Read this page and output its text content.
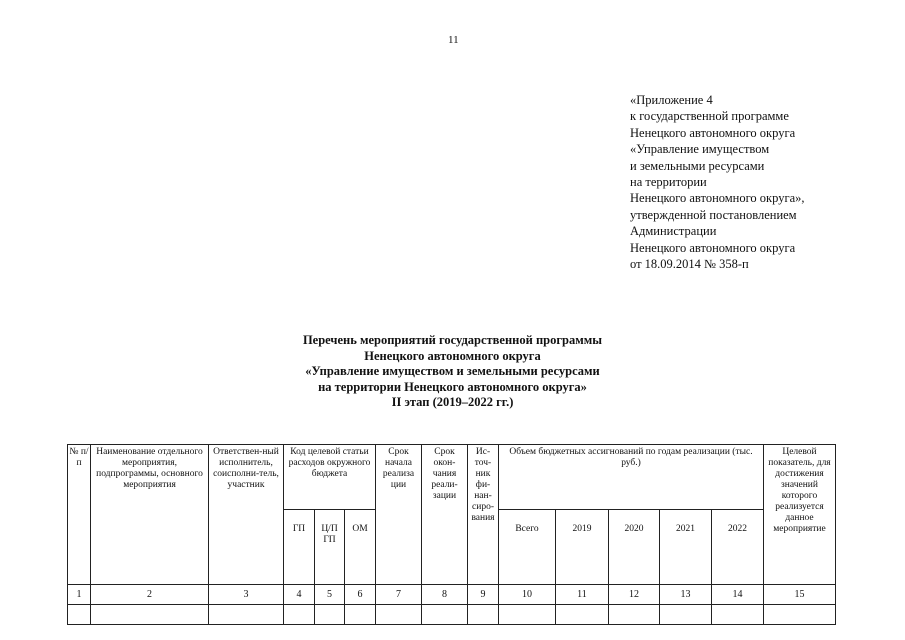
11
«Приложение 4
к государственной программе
Ненецкого автономного округа
«Управление имуществом
и земельными ресурсами
на территории
Ненецкого автономного округа»,
утвержденной постановлением
Администрации
Ненецкого автономного округа
от 18.09.2014 № 358-п
Перечень мероприятий государственной программы
Ненецкого автономного округа
«Управление имуществом и земельными ресурсами
на территории Ненецкого автономного округа»
II этап (2019–2022 гг.)
№ п/п	Наименование отдельного мероприятия, подпрограммы, основного мероприятия	Ответствен-ный исполнитель, соисполни-тель, участник	Код целевой статьи расходов окружного бюджета			Срок начала реализа ции	Срок окон-чания реали-зации	Ис-точ-ник фи-нан-сиро-вания	Объем бюджетных ассигнований по годам реализации (тыс. руб.)					Целевой показатель, для достижения значений которого реализуется данное мероприятие
			ГП	Ц/П ГП	ОМ				Всего	2019	2020	2021	2022	
1	2	3	4	5	6	7	8	9	10	11	12	13	14	15
